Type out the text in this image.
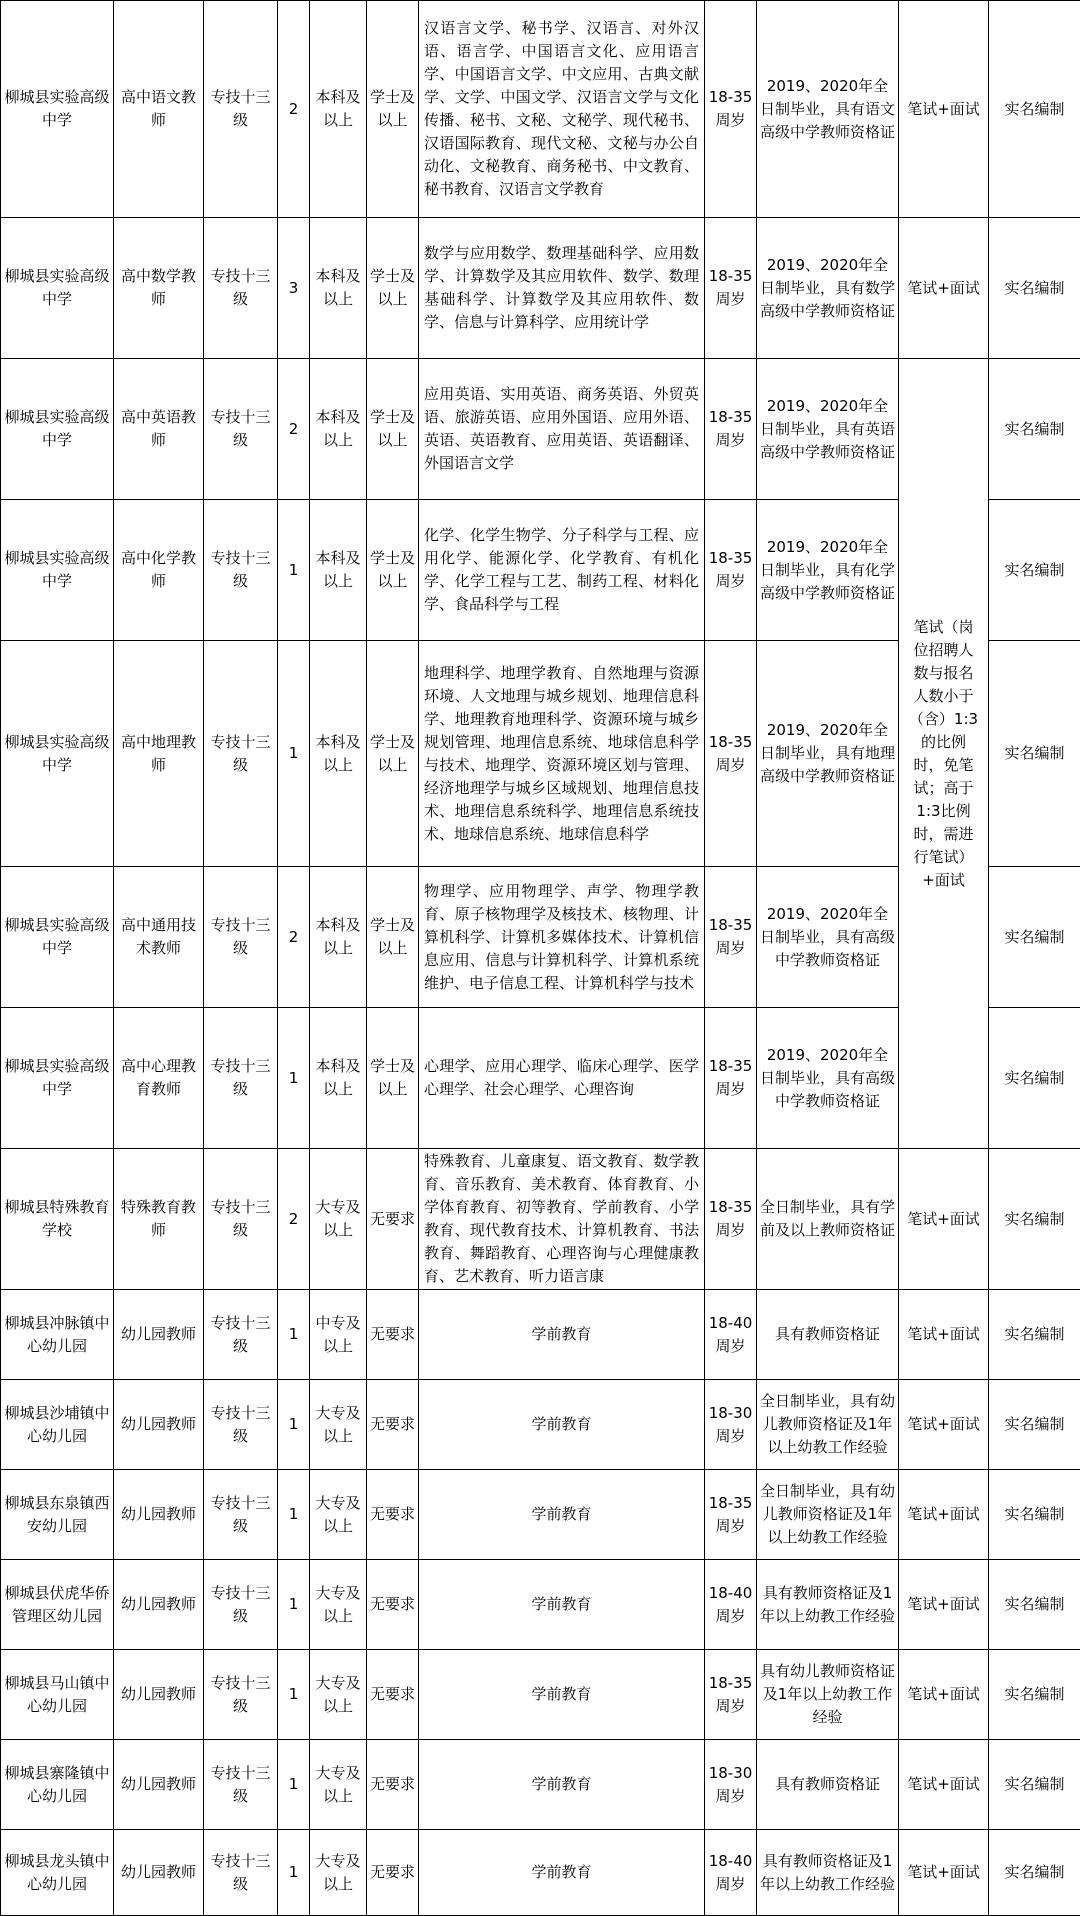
柳城县实验高级中学	高中语文教师	专技十三级	2	本科及以上	学士及以上	汉语言文学、秘书学、汉语言、对外汉语、语言学、中国语言文化、应用语言学、中国语言文学、中文应用、古典文献学、文学、中国文学、汉语言文学与文化传播、秘书、文秘、文秘学、现代秘书、汉语国际教育、现代文秘、文秘与办公自动化、文秘教育、商务秘书、中文教育、秘书教育、汉语言文学教育	18-35周岁	2019、2020年全日制毕业，具有语文高级中学教师资格证	笔试+面试	实名编制
柳城县实验高级中学	高中数学教师	专技十三级	3	本科及以上	学士及以上	数学与应用数学、数理基础科学、应用数学、计算数学及其应用软件、数学、数理基础科学、计算数学及其应用软件、数学、信息与计算科学、应用统计学	18-35周岁	2019、2020年全日制毕业，具有数学高级中学教师资格证	笔试+面试	实名编制
柳城县实验高级中学	高中英语教师	专技十三级	2	本科及以上	学士及以上	应用英语、实用英语、商务英语、外贸英语、旅游英语、应用外国语、应用外语、英语、英语教育、应用英语、英语翻译、外国语言文学	18-35周岁	2019、2020年全日制毕业，具有英语高级中学教师资格证	笔试（岗位招聘人数与报名人数小于（含）1:3的比例时，免笔试；高于1:3比例时，需进行笔试）+面试	实名编制
柳城县实验高级中学	高中化学教师	专技十三级	1	本科及以上	学士及以上	化学、化学生物学、分子科学与工程、应用化学、能源化学、化学教育、有机化学、化学工程与工艺、制药工程、材料化学、食品科学与工程	18-35周岁	2019、2020年全日制毕业，具有化学高级中学教师资格证		实名编制
柳城县实验高级中学	高中地理教师	专技十三级	1	本科及以上	学士及以上	地理科学、地理学教育、自然地理与资源环境、人文地理与城乡规划、地理信息科学、地理教育地理科学、资源环境与城乡规划管理、地理信息系统、地球信息科学与技术、地理学、资源环境区划与管理、经济地理学与城乡区域规划、地理信息技术、地理信息系统科学、地理信息系统技术、地球信息系统、地球信息科学	18-35周岁	2019、2020年全日制毕业，具有地理高级中学教师资格证		实名编制
柳城县实验高级中学	高中通用技术教师	专技十三级	2	本科及以上	学士及以上	物理学、应用物理学、声学、物理学教育、原子核物理学及核技术、核物理、计算机科学、计算机多媒体技术、计算机信息应用、信息与计算机科学、计算机系统维护、电子信息工程、计算机科学与技术	18-35周岁	2019、2020年全日制毕业，具有高级中学教师资格证		实名编制
柳城县实验高级中学	高中心理教育教师	专技十三级	1	本科及以上	学士及以上	心理学、应用心理学、临床心理学、医学心理学、社会心理学、心理咨询	18-35周岁	2019、2020年全日制毕业，具有高级中学教师资格证		实名编制
柳城县特殊教育学校	特殊教育教师	专技十三级	2	大专及以上	无要求	特殊教育、儿童康复、语文教育、数学教育、音乐教育、美术教育、体育教育、小学体育教育、初等教育、学前教育、小学教育、现代教育技术、计算机教育、书法教育、舞蹈教育、心理咨询与心理健康教育、艺术教育、听力语言康	18-35周岁	全日制毕业，具有学前及以上教师资格证	笔试+面试	实名编制
柳城县冲脉镇中心幼儿园	幼儿园教师	专技十三级	1	中专及以上	无要求	学前教育	18-40周岁	具有教师资格证	笔试+面试	实名编制
柳城县沙埔镇中心幼儿园	幼儿园教师	专技十三级	1	大专及以上	无要求	学前教育	18-30周岁	全日制毕业，具有幼儿教师资格证及1年以上幼教工作经验	笔试+面试	实名编制
柳城县东泉镇西安幼儿园	幼儿园教师	专技十三级	1	大专及以上	无要求	学前教育	18-35周岁	全日制毕业，具有幼儿教师资格证及1年以上幼教工作经验	笔试+面试	实名编制
柳城县伏虎华侨管理区幼儿园	幼儿园教师	专技十三级	1	大专及以上	无要求	学前教育	18-40周岁	具有教师资格证及1年以上幼教工作经验	笔试+面试	实名编制
柳城县马山镇中心幼儿园	幼儿园教师	专技十三级	1	大专及以上	无要求	学前教育	18-35周岁	具有幼儿教师资格证及1年以上幼教工作经验	笔试+面试	实名编制
柳城县寨隆镇中心幼儿园	幼儿园教师	专技十三级	1	大专及以上	无要求	学前教育	18-30周岁	具有教师资格证	笔试+面试	实名编制
柳城县龙头镇中心幼儿园	幼儿园教师	专技十三级	1	大专及以上	无要求	学前教育	18-40周岁	具有教师资格证及1年以上幼教工作经验	笔试+面试	实名编制
